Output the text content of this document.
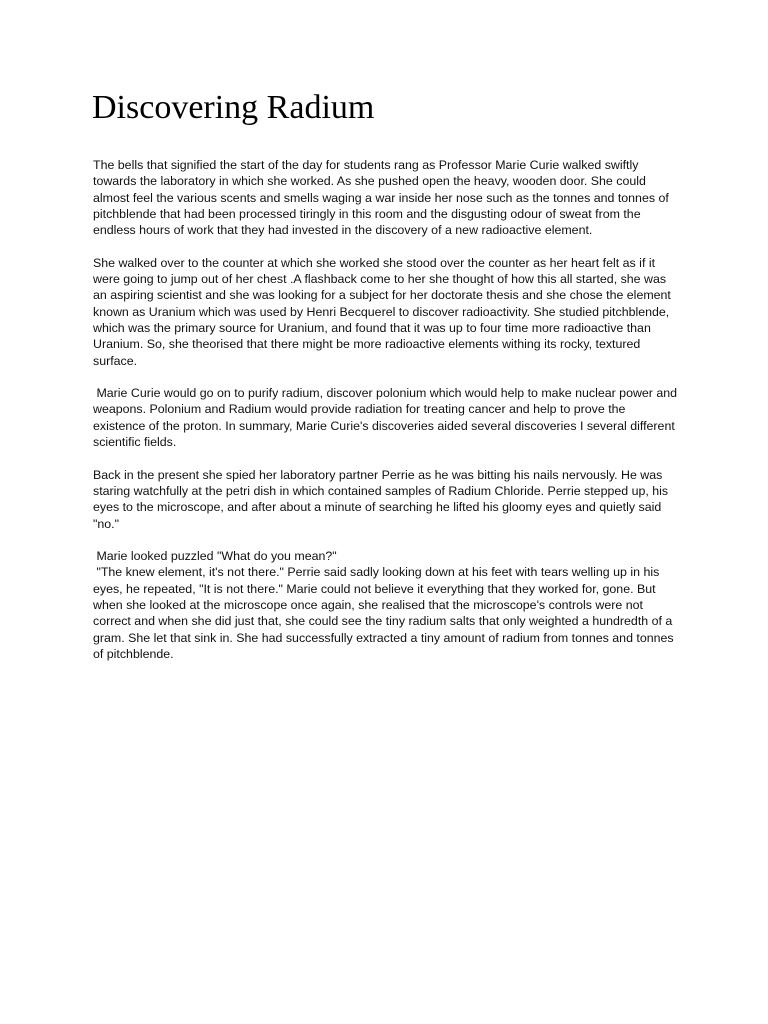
Discovering Radium

The bells that signified the start of the day for students rang as Professor Marie Curie walked swiftly towards the laboratory in which she worked. As she pushed open the heavy, wooden door. She could almost feel the various scents and smells waging a war inside her nose such as the tonnes and tonnes of pitchblende that had been processed tiringly in this room and the disgusting odour of sweat from the endless hours of work that they had invested in the discovery of a new radioactive element.

She walked over to the counter at which she worked she stood over the counter as her heart felt as if it were going to jump out of her chest .A flashback come to her she thought of how this all started, she was an aspiring scientist and she was looking for a subject for her doctorate thesis and she chose the element known as Uranium which was used by Henri Becquerel to discover radioactivity. She studied pitchblende, which was the primary source for Uranium, and found that it was up to four time more radioactive than Uranium. So, she theorised that there might be more radioactive elements withing its rocky, textured surface.

Marie Curie would go on to purify radium, discover polonium which would help to make nuclear power and weapons. Polonium and Radium would provide radiation for treating cancer and help to prove the existence of the proton. In summary, Marie Curie's discoveries aided several discoveries I several different scientific fields.

Back in the present she spied her laboratory partner Perrie as he was bitting his nails nervously. He was staring watchfully at the petri dish in which contained samples of Radium Chloride. Perrie stepped up, his eyes to the microscope, and after about a minute of searching he lifted his gloomy eyes and quietly said "no."

Marie looked puzzled "What do you mean?"

"The knew element, it's not there." Perrie said sadly looking down at his feet with tears welling up in his eyes, he repeated, "It is not there." Marie could not believe it everything that they worked for, gone. But when she looked at the microscope once again, she realised that the microscope's controls were not correct and when she did just that, she could see the tiny radium salts that only weighted a hundredth of a gram. She let that sink in. She had successfully extracted a tiny amount of radium from tonnes and tonnes of pitchblende.
